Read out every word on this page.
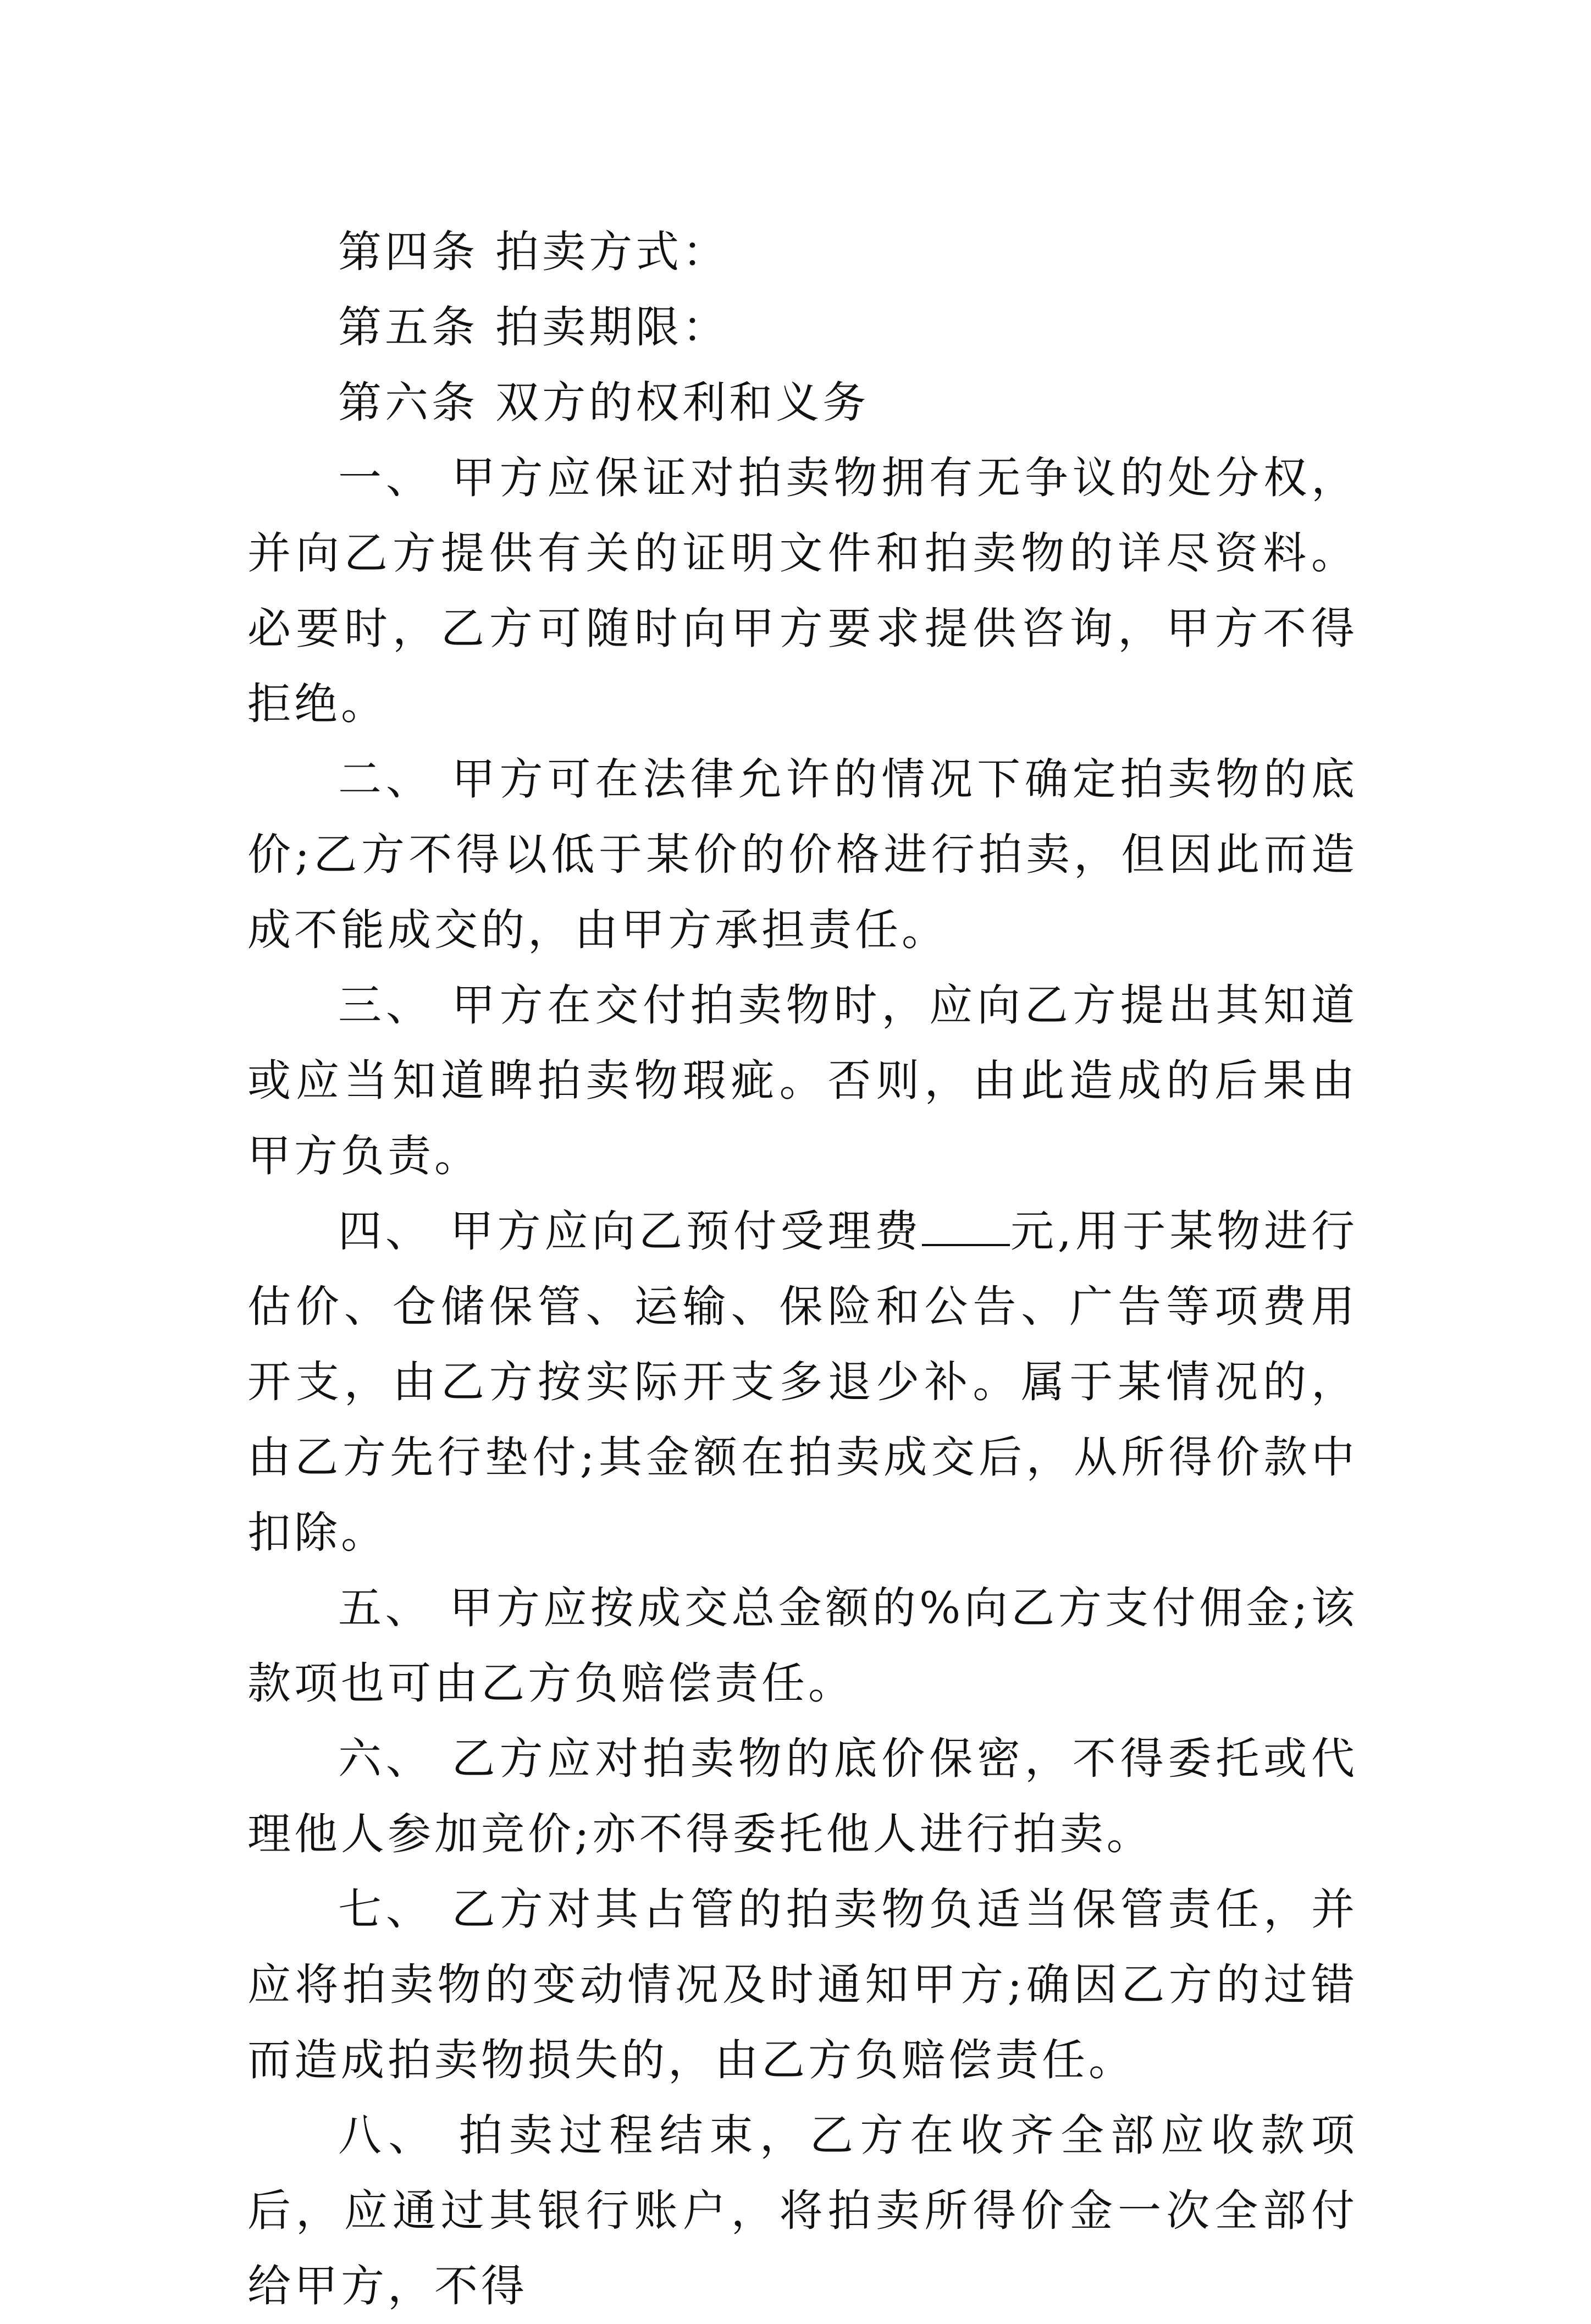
第四条 拍卖方式：

第五条 拍卖期限：

第六条 双方的权利和义务

一、 甲方应保证对拍卖物拥有无争议的处分权，并向乙方提供有关的证明文件和拍卖物的详尽资料。必要时，乙方可随时向甲方要求提供咨询，甲方不得拒绝。

二、 甲方可在法律允许的情况下确定拍卖物的底价;乙方不得以低于某价的价格进行拍卖，但因此而造成不能成交的，由甲方承担责任。

三、 甲方在交付拍卖物时，应向乙方提出其知道或应当知道睥拍卖物瑕疵。否则，由此造成的后果由甲方负责。

四、 甲方应向乙预付受理费 元,用于某物进行估价、仓储保管、运输、保险和公告、广告等项费用开支，由乙方按实际开支多退少补。属于某情况的，由乙方先行垫付;其金额在拍卖成交后，从所得价款中扣除。

五、 甲方应按成交总金额的%向乙方支付佣金;该款项也可由乙方负赔偿责任。

六、 乙方应对拍卖物的底价保密，不得委托或代理他人参加竞价;亦不得委托他人进行拍卖。

七、 乙方对其占管的拍卖物负适当保管责任，并应将拍卖物的变动情况及时通知甲方;确因乙方的过错而造成拍卖物损失的，由乙方负赔偿责任。

八、 拍卖过程结束，乙方在收齐全部应收款项后，应通过其银行账户，将拍卖所得价金一次全部付给甲方，不得
